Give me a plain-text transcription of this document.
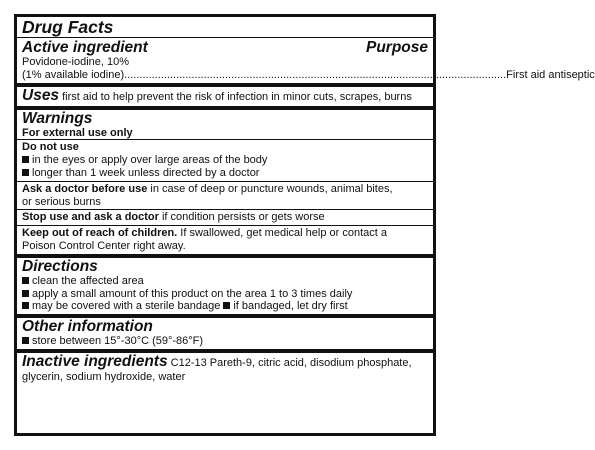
Drug Facts
Active ingredient	Purpose
Povidone-iodine, 10%
(1% available iodine) ............................................................................................................................. First aid antiseptic
Uses first aid to help prevent the risk of infection in minor cuts, scrapes, burns
Warnings
For external use only
Do not use
in the eyes or apply over large areas of the body
longer than 1 week unless directed by a doctor
Ask a doctor before use in case of deep or puncture wounds, animal bites,
or serious burns
Stop use and ask a doctor if condition persists or gets worse
Keep out of reach of children. If swallowed, get medical help or contact a
Poison Control Center right away.
Directions
clean the affected area
apply a small amount of this product on the area 1 to 3 times daily
may be covered with a sterile bandage if bandaged, let dry first
Other information
store between 15°-30°C (59°-86°F)
Inactive ingredients C12-13 Pareth-9, citric acid, disodium phosphate,
glycerin, sodium hydroxide, water
